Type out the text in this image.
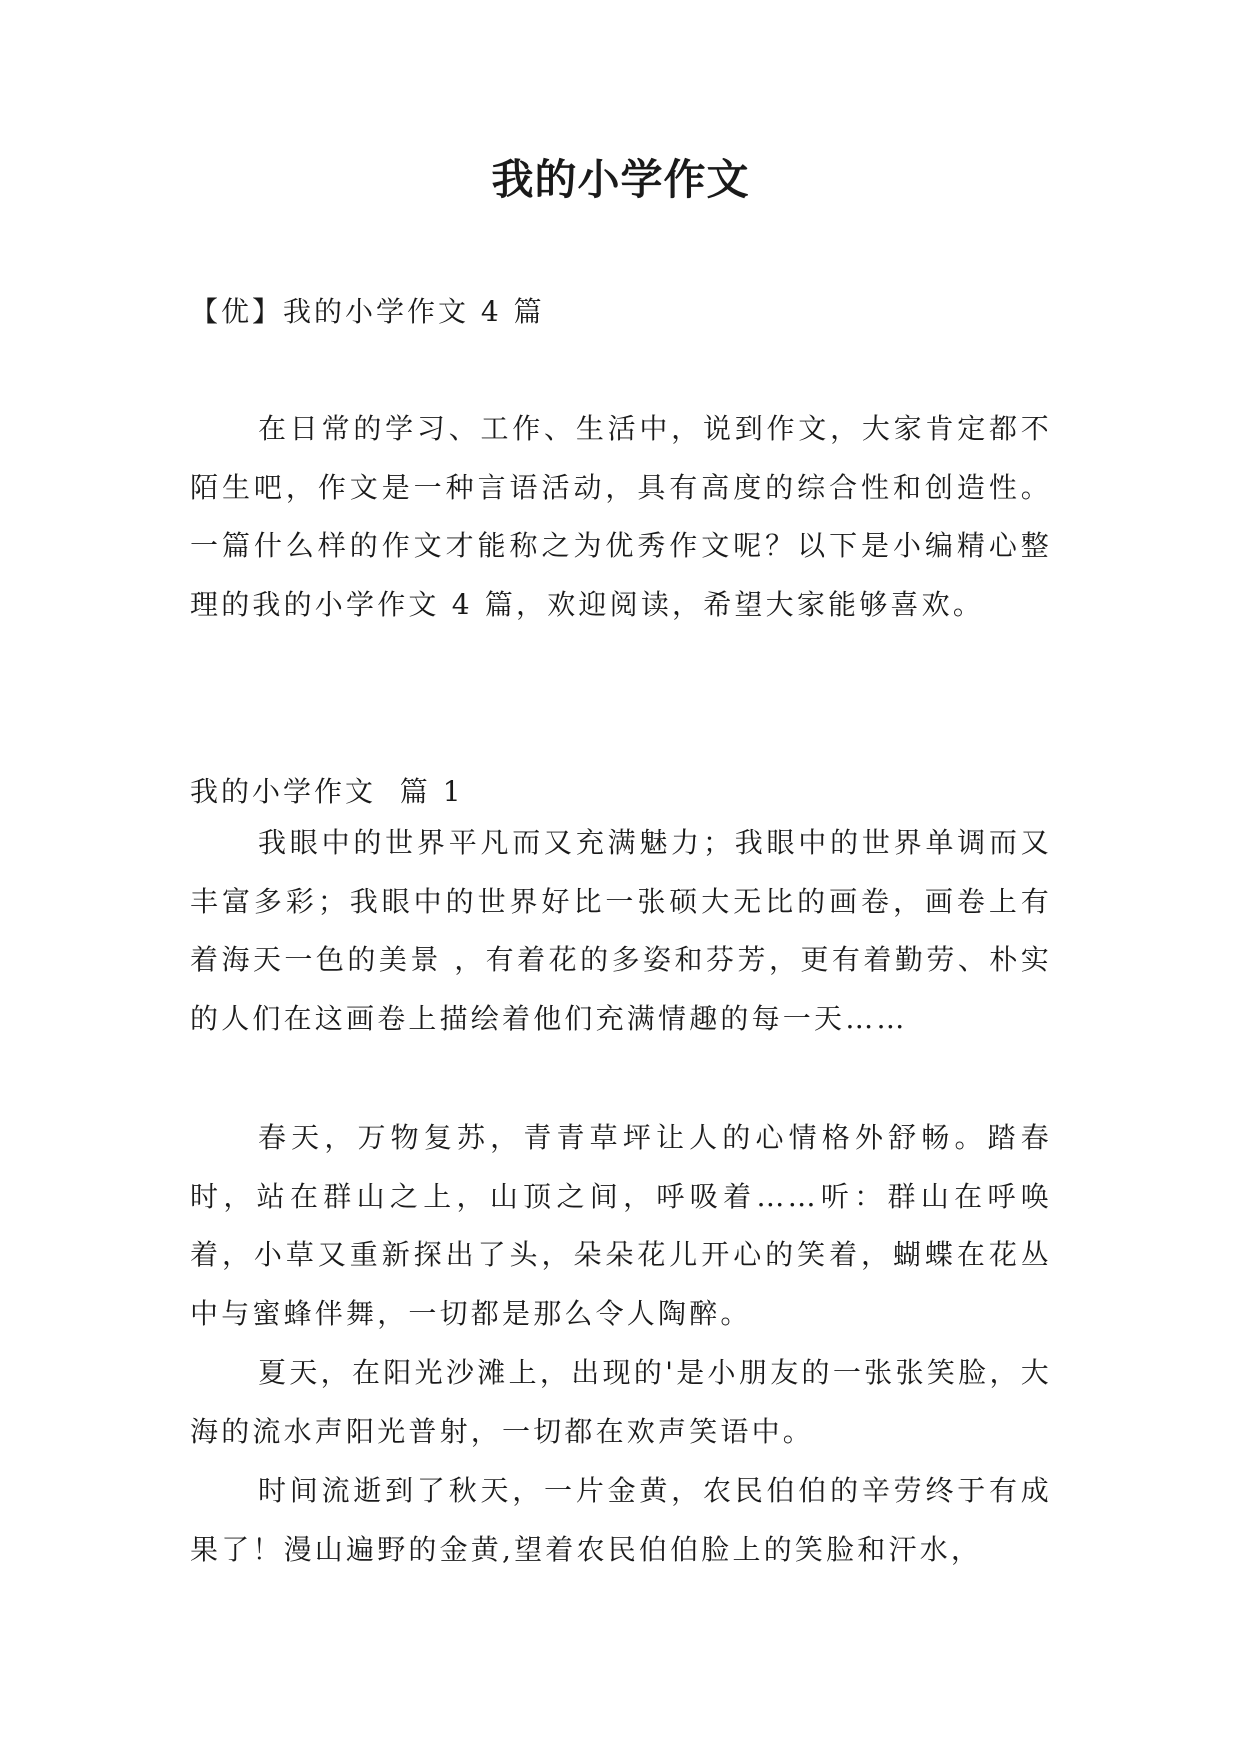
我的小学作文
【优】我的小学作文 4 篇

在日常的学习、工作、生活中，说到作文，大家肯定都不陌生吧，作文是一种言语活动，具有高度的综合性和创造性。一篇什么样的作文才能称之为优秀作文呢？以下是小编精心整理的我的小学作文 4 篇，欢迎阅读，希望大家能够喜欢。

我的小学作文  篇 1

我眼中的世界平凡而又充满魅力；我眼中的世界单调而又丰富多彩；我眼中的世界好比一张硕大无比的画卷，画卷上有着海天一色的美景 ，有着花的多姿和芬芳，更有着勤劳、朴实的人们在这画卷上描绘着他们充满情趣的每一天……

春天，万物复苏，青青草坪让人的心情格外舒畅。踏春时，站在群山之上，山顶之间，呼吸着……听：群山在呼唤着，小草又重新探出了头，朵朵花儿开心的笑着，蝴蝶在花丛中与蜜蜂伴舞，一切都是那么令人陶醉。

夏天，在阳光沙滩上，出现的'是小朋友的一张张笑脸，大海的流水声阳光普射，一切都在欢声笑语中。

时间流逝到了秋天，一片金黄，农民伯伯的辛劳终于有成果了！漫山遍野的金黄,望着农民伯伯脸上的笑脸和汗水，
